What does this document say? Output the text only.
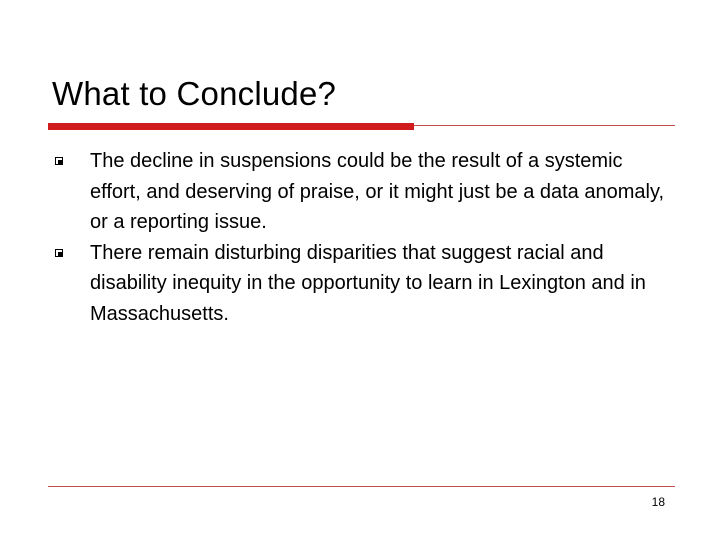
What to Conclude?
The decline in suspensions could be the result of a systemic effort, and deserving of praise, or it might just be a data anomaly, or a reporting issue.
There remain disturbing disparities that suggest racial and disability inequity in the opportunity to learn in Lexington and in Massachusetts.
18
